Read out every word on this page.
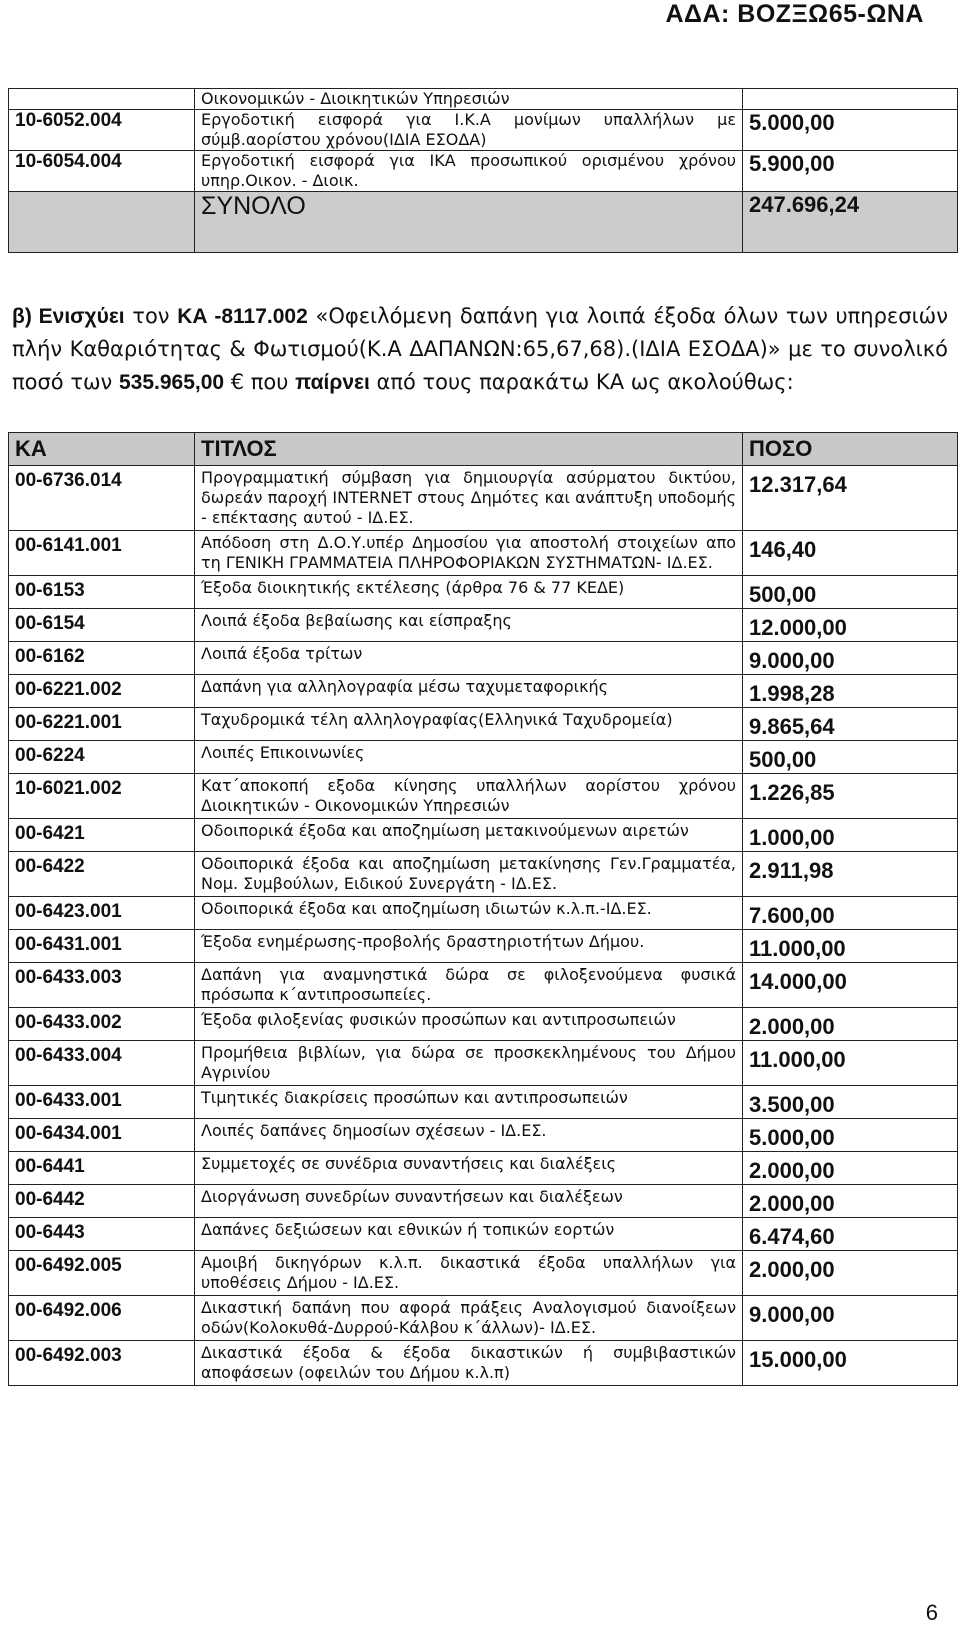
ΑΔΑ: ΒΟΖΞΩ65-ΩΝΑ
	Οικονομικών - Διοικητικών Υπηρεσιών	
10-6052.004	Εργοδοτική εισφορά για Ι.Κ.Α μονίμων υπαλλήλων με σύμβ.αορίστου χρόνου(ΙΔΙΑ ΕΣΟΔΑ)	5.000,00
10-6054.004	Εργοδοτική εισφορά για ΙΚΑ προσωπικού ορισμένου χρόνου υπηρ.Οικον. - Διοικ.	5.900,00
	ΣΥΝΟΛΟ	247.696,24

β) Ενισχύει τον ΚΑ -8117.002 «Οφειλόμενη δαπάνη για λοιπά έξοδα όλων των υπηρεσιών πλήν Καθαριότητας & Φωτισμού(Κ.Α ΔΑΠΑΝΩΝ:65,67,68).(ΙΔΙΑ ΕΣΟΔΑ)» με το συνολικό ποσό των 535.965,00 € που παίρνει από τους παρακάτω ΚΑ ως ακολούθως:

ΚΑ	ΤΙΤΛΟΣ	ΠΟΣΟ
00-6736.014	Προγραμματική σύμβαση για δημιουργία ασύρματου δικτύου, δωρεάν παροχή INTERNET στους Δημότες και ανάπτυξη υποδομής - επέκτασης αυτού - ΙΔ.ΕΣ.	12.317,64
00-6141.001	Απόδοση στη Δ.Ο.Υ.υπέρ Δημοσίου για αποστολή στοιχείων απο τη ΓΕΝΙΚΗ ΓΡΑΜΜΑΤΕΙΑ ΠΛΗΡΟΦΟΡΙΑΚΩΝ ΣΥΣΤΗΜΑΤΩΝ- ΙΔ.ΕΣ.	146,40
00-6153	Έξοδα διοικητικής εκτέλεσης (άρθρα 76 & 77 ΚΕΔΕ)	500,00
00-6154	Λοιπά έξοδα βεβαίωσης και είσπραξης	12.000,00
00-6162	Λοιπά έξοδα τρίτων	9.000,00
00-6221.002	Δαπάνη για αλληλογραφία μέσω ταχυμεταφορικής	1.998,28
00-6221.001	Ταχυδρομικά τέλη αλληλογραφίας(Ελληνικά Ταχυδρομεία)	9.865,64
00-6224	Λοιπές Επικοινωνίες	500,00
10-6021.002	Κατ΄αποκοπή εξοδα κίνησης υπαλλήλων αορίστου χρόνου Διοικητικών - Οικονομικών Υπηρεσιών	1.226,85
00-6421	Οδοιπορικά έξοδα και αποζημίωση μετακινούμενων αιρετών	1.000,00
00-6422	Οδοιπορικά έξοδα και αποζημίωση μετακίνησης Γεν.Γραμματέα, Νομ. Συμβούλων, Ειδικού Συνεργάτη - ΙΔ.ΕΣ.	2.911,98
00-6423.001	Οδοιπορικά έξοδα και αποζημίωση ιδιωτών κ.λ.π.-ΙΔ.ΕΣ.	7.600,00
00-6431.001	Έξοδα ενημέρωσης-προβολής δραστηριοτήτων Δήμου.	11.000,00
00-6433.003	Δαπάνη για αναμνηστικά δώρα σε φιλοξενούμενα φυσικά πρόσωπα κ΄αντιπροσωπείες.	14.000,00
00-6433.002	Έξοδα φιλοξενίας φυσικών προσώπων και αντιπροσωπειών	2.000,00
00-6433.004	Προμήθεια βιβλίων, για δώρα σε προσκεκλημένους του Δήμου Αγρινίου	11.000,00
00-6433.001	Τιμητικές διακρίσεις προσώπων και αντιπροσωπειών	3.500,00
00-6434.001	Λοιπές δαπάνες δημοσίων σχέσεων - ΙΔ.ΕΣ.	5.000,00
00-6441	Συμμετοχές σε συνέδρια συναντήσεις και διαλέξεις	2.000,00
00-6442	Διοργάνωση συνεδρίων συναντήσεων και διαλέξεων	2.000,00
00-6443	Δαπάνες δεξιώσεων και εθνικών ή τοπικών εορτών	6.474,60
00-6492.005	Αμοιβή δικηγόρων κ.λ.π. δικαστικά έξοδα υπαλλήλων για υποθέσεις Δήμου - ΙΔ.ΕΣ.	2.000,00
00-6492.006	Δικαστική δαπάνη που αφορά πράξεις Αναλογισμού διανοίξεων οδών(Κολοκυθά-Δυρρού-Κάλβου κ΄άλλων)- ΙΔ.ΕΣ.	9.000,00
00-6492.003	Δικαστικά έξοδα & έξοδα δικαστικών ή συμβιβαστικών αποφάσεων (οφειλών του Δήμου κ.λ.π)	15.000,00
6
